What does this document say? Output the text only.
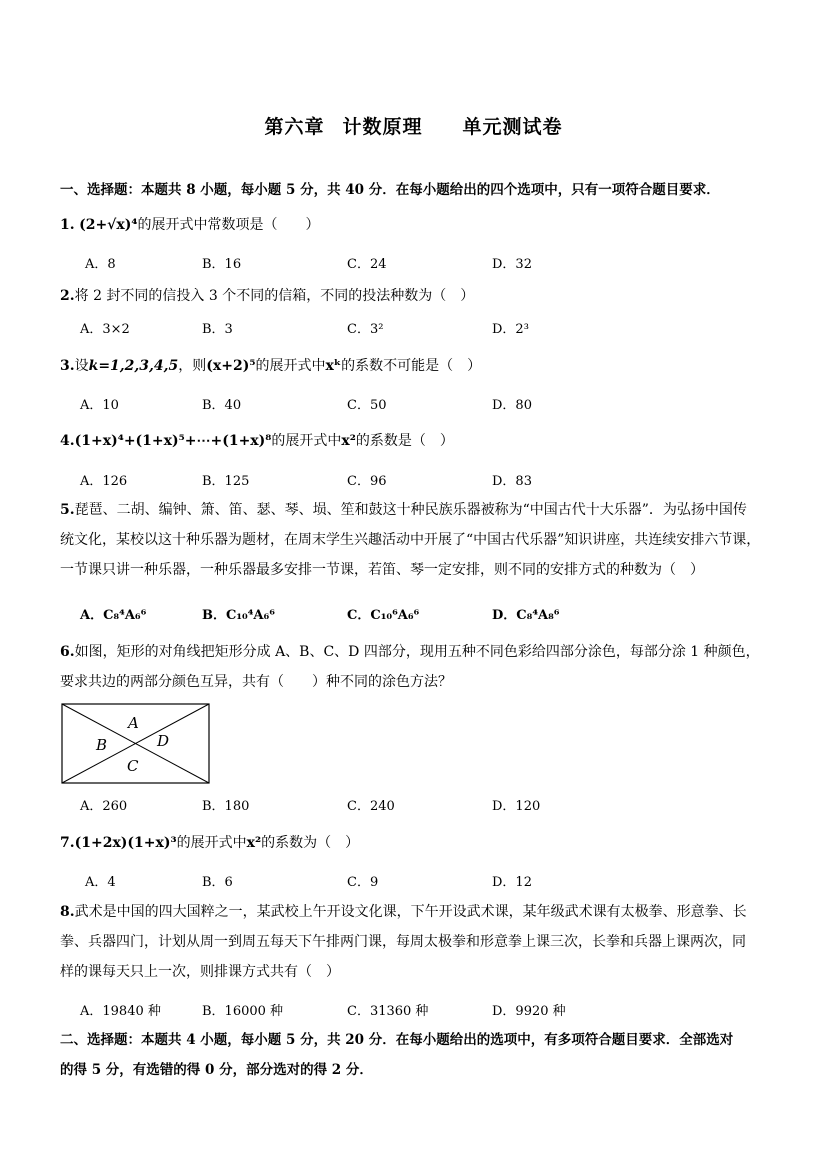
第六章 计数原理 单元测试卷
一、选择题：本题共 8 小题，每小题 5 分，共 40 分．在每小题给出的四个选项中，只有一项符合题目要求．
1. (2+√x)⁴的展开式中常数项是（　　）
A．8	B．16	C．24	D．32
2.将 2 封不同的信投入 3 个不同的信箱，不同的投法种数为（　）
A．3×2	B．3	C．3²	D．2³
3.设k=1,2,3,4,5，则(x+2)⁵的展开式中xᵏ的系数不可能是（　）
A．10	B．40	C．50	D．80
4.(1+x)⁴+(1+x)⁵+⋯+(1+x)⁸的展开式中x²的系数是（　）
A．126	B．125	C．96	D．83
5.琵琶、二胡、编钟、箫、笛、瑟、琴、埙、笙和鼓这十种民族乐器被称为“中国古代十大乐器”．为弘扬中国传
统文化，某校以这十种乐器为题材，在周末学生兴趣活动中开展了“中国古代乐器”知识讲座，共连续安排六节课，
一节课只讲一种乐器，一种乐器最多安排一节课，若笛、琴一定安排，则不同的安排方式的种数为（　）
A．C₈⁴A₆⁶	B．C₁₀⁴A₆⁶	C．C₁₀⁶A₆⁶	D．C₈⁴A₈⁶
6.如图，矩形的对角线把矩形分成 A、B、C、D 四部分，现用五种不同色彩给四部分涂色，每部分涂 1 种颜色，
要求共边的两部分颜色互异，共有（　　）种不同的涂色方法？
A
B
C
D
A．260	B．180	C．240	D．120
7.(1+2x)(1+x)³的展开式中x²的系数为（　）
A．4	B．6	C．9	D．12
8.武术是中国的四大国粹之一，某武校上午开设文化课，下午开设武术课，某年级武术课有太极拳、形意拳、长
拳、兵器四门，计划从周一到周五每天下午排两门课，每周太极拳和形意拳上课三次，长拳和兵器上课两次，同
样的课每天只上一次，则排课方式共有（　）
A．19840 种	B．16000 种	C．31360 种	D．9920 种
二、选择题：本题共 4 小题，每小题 5 分，共 20 分．在每小题给出的选项中，有多项符合题目要求．全部选对
的得 5 分，有选错的得 0 分，部分选对的得 2 分．
